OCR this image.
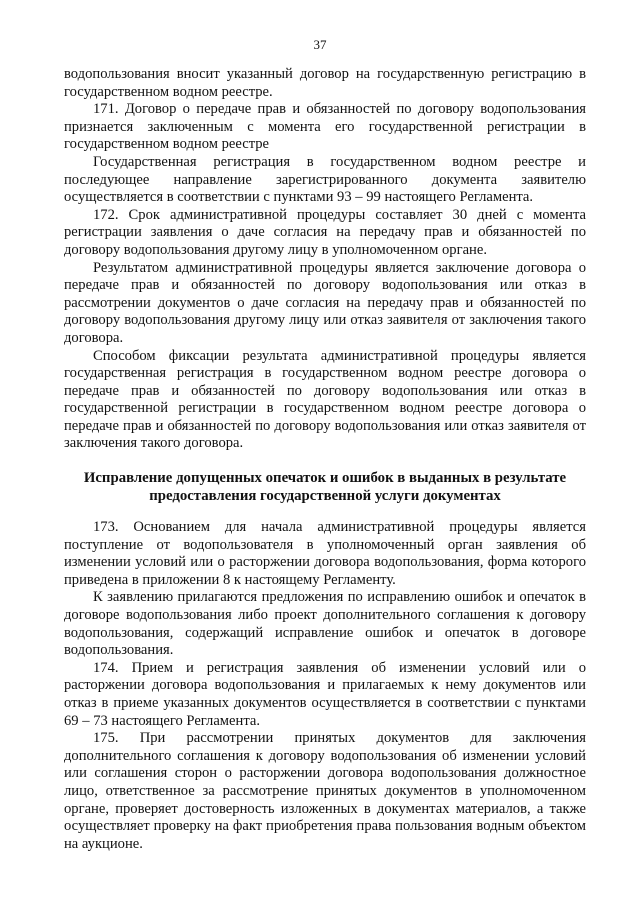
37

водопользования вносит указанный договор на государственную регистрацию в государственном водном реестре.

171. Договор о передаче прав и обязанностей по договору водопользования признается заключенным с момента его государственной регистрации в государственном водном реестре

Государственная регистрация в государственном водном реестре и последующее направление зарегистрированного документа заявителю осуществляется в соответствии с пунктами 93 – 99 настоящего Регламента.

172. Срок административной процедуры составляет 30 дней с момента регистрации заявления о даче согласия на передачу прав и обязанностей по договору водопользования другому лицу в уполномоченном органе.

Результатом административной процедуры является заключение договора о передаче прав и обязанностей по договору водопользования или отказ в рассмотрении документов о даче согласия на передачу прав и обязанностей по договору водопользования другому лицу или отказ заявителя от заключения такого договора.

Способом фиксации результата административной процедуры является государственная регистрация в государственном водном реестре договора о передаче прав и обязанностей по договору водопользования или отказ в государственной регистрации в государственном водном реестре договора о передаче прав и обязанностей по договору водопользования или отказ заявителя от заключения такого договора.

Исправление допущенных опечаток и ошибок в выданных в результате предоставления государственной услуги документах

173. Основанием для начала административной процедуры является поступление от водопользователя в уполномоченный орган заявления об изменении условий или о расторжении договора водопользования, форма которого приведена в приложении 8 к настоящему Регламенту.

К заявлению прилагаются предложения по исправлению ошибок и опечаток в договоре водопользования либо проект дополнительного соглашения к договору водопользования, содержащий исправление ошибок и опечаток в договоре водопользования.

174. Прием и регистрация заявления об изменении условий или о расторжении договора водопользования и прилагаемых к нему документов или отказ в приеме указанных документов осуществляется в соответствии с пунктами 69 – 73 настоящего Регламента.

175. При рассмотрении принятых документов для заключения дополнительного соглашения к договору водопользования об изменении условий или соглашения сторон о расторжении договора водопользования должностное лицо, ответственное за рассмотрение принятых документов в уполномоченном органе, проверяет достоверность изложенных в документах материалов, а также осуществляет проверку на факт приобретения права пользования водным объектом на аукционе.
